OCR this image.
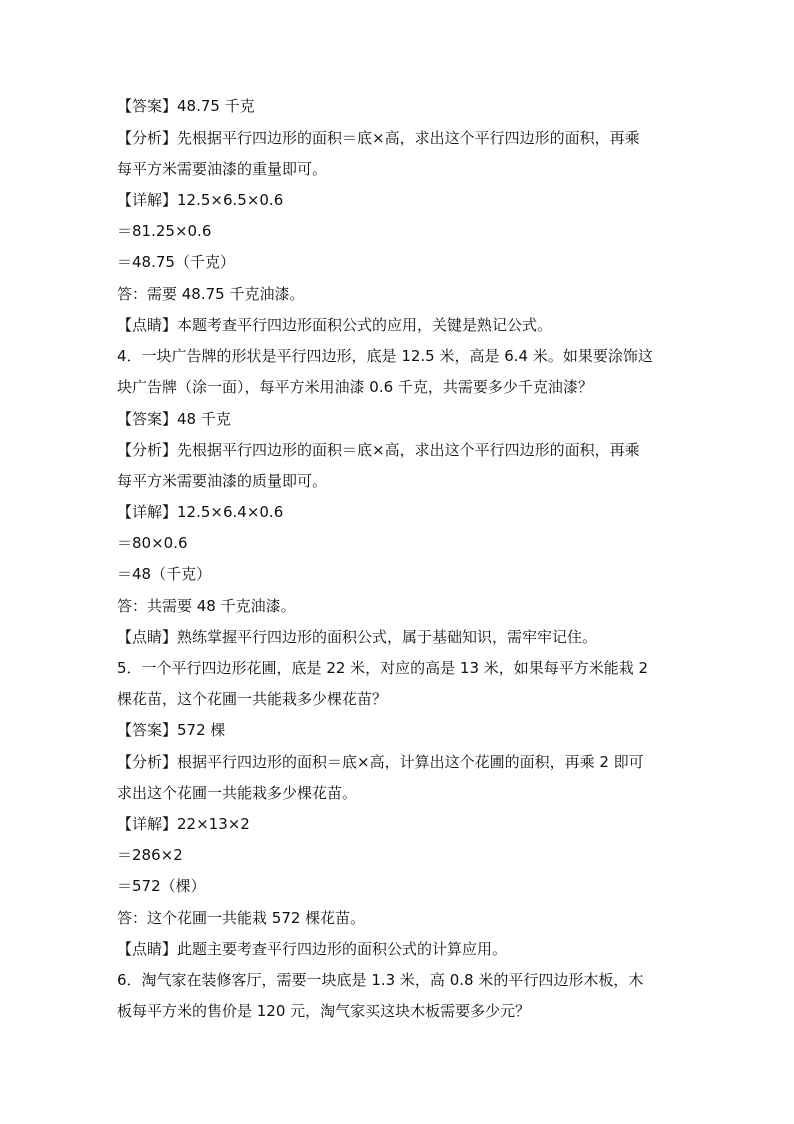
【答案】48.75 千克
【分析】先根据平行四边形的面积＝底×高，求出这个平行四边形的面积，再乘
每平方米需要油漆的重量即可。
【详解】12.5×6.5×0.6
＝81.25×0.6
＝48.75（千克）
答：需要 48.75 千克油漆。
【点睛】本题考查平行四边形面积公式的应用，关键是熟记公式。
4．一块广告牌的形状是平行四边形，底是 12.5 米，高是 6.4 米。如果要涂饰这
块广告牌（涂一面），每平方米用油漆 0.6 千克，共需要多少千克油漆？
【答案】48 千克
【分析】先根据平行四边形的面积＝底×高，求出这个平行四边形的面积，再乘
每平方米需要油漆的质量即可。
【详解】12.5×6.4×0.6
＝80×0.6
＝48（千克）
答：共需要 48 千克油漆。
【点睛】熟练掌握平行四边形的面积公式，属于基础知识，需牢牢记住。
5．一个平行四边形花圃，底是 22 米，对应的高是 13 米，如果每平方米能栽 2
棵花苗，这个花圃一共能栽多少棵花苗？
【答案】572 棵
【分析】根据平行四边形的面积＝底×高，计算出这个花圃的面积，再乘 2 即可
求出这个花圃一共能栽多少棵花苗。
【详解】22×13×2
＝286×2
＝572（棵）
答：这个花圃一共能栽 572 棵花苗。
【点睛】此题主要考查平行四边形的面积公式的计算应用。
6．淘气家在装修客厅，需要一块底是 1.3 米，高 0.8 米的平行四边形木板，木
板每平方米的售价是 120 元，淘气家买这块木板需要多少元？
